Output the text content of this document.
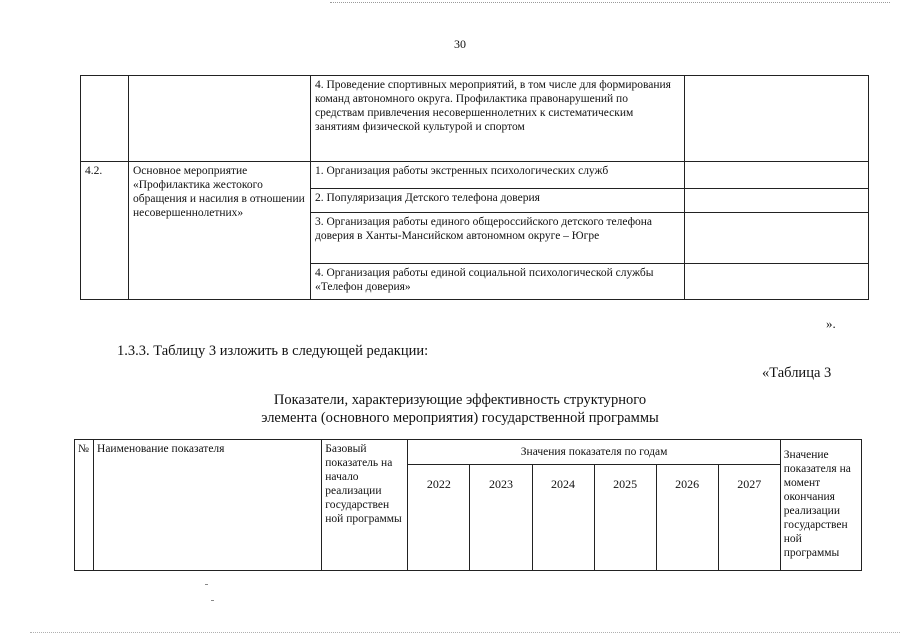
30
		4. Проведение спортивных мероприятий, в том числе для формирования команд автономного округа. Профилактика правонарушений по средствам привлечения несовершеннолетних к систематическим занятиям физической культурой и спортом	
4.2.	Основное мероприятие «Профилактика жестокого обращения и насилия в отношении несовершеннолетних»	1. Организация работы экстренных психологических служб	
		2. Популяризация Детского телефона доверия	
		3. Организация работы единого общероссийского детского телефона доверия в Ханты-Мансийском автономном округе – Югре	
		4. Организация работы единой социальной психологической службы «Телефон доверия»	
».
1.3.3. Таблицу 3 изложить в следующей редакции:
«Таблица 3
Показатели, характеризующие эффективность структурного
элемента (основного мероприятия) государственной программы
№	Наименование показателя	Базовый показатель на начало реализации государствен ной программы	Значения показателя по годам						Значение показателя на момент окончания реализации государствен ной программы
			2022	2023	2024	2025	2026	2027	
